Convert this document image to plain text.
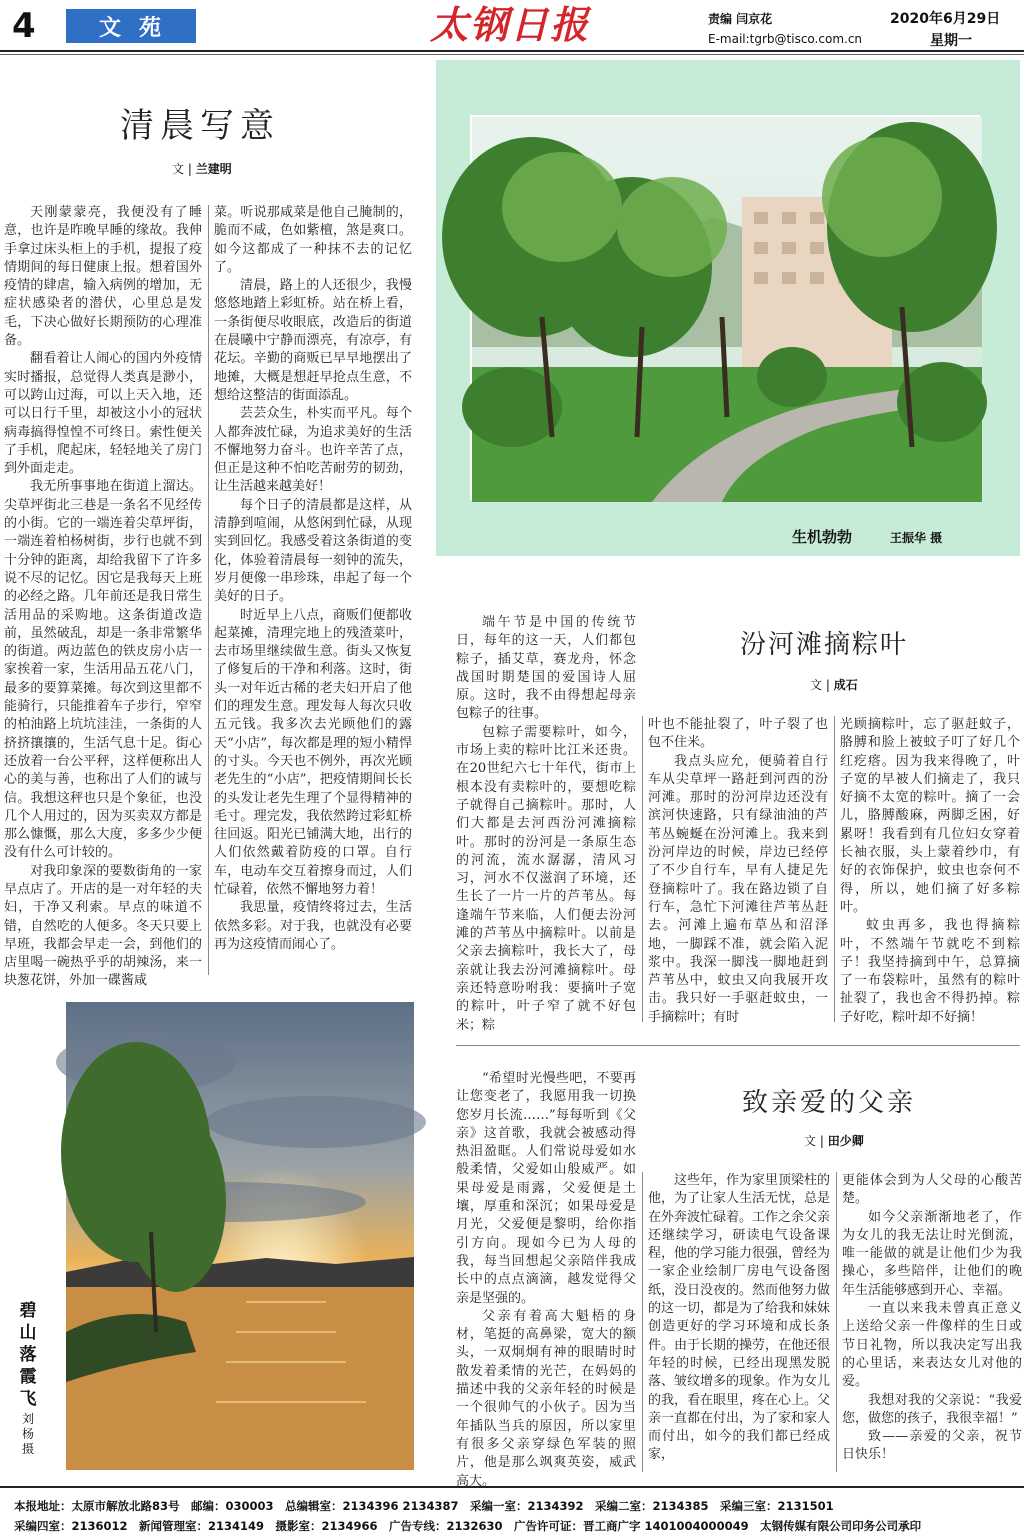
4	文苑	太钢日报	责编 闫京花
E-mail:tgrb@tisco.com.cn
2020年6月29日
星期一
清晨写意
文 | 兰建明

天刚蒙蒙亮，我便没有了睡意，也许是昨晚早睡的缘故。我伸手拿过床头柜上的手机，提报了疫情期间的每日健康上报。想着国外疫情的肆虐，输入病例的增加，无症状感染者的潜伏，心里总是发毛，下决心做好长期预防的心理准备。

翻看着让人闹心的国内外疫情实时播报，总觉得人类真是渺小，可以跨山过海，可以上天入地，还可以日行千里，却被这小小的冠状病毒搞得惶惶不可终日。索性便关了手机，爬起床，轻轻地关了房门到外面走走。

我无所事事地在街道上溜达。尖草坪街北三巷是一条名不见经传的小街。它的一端连着尖草坪街，一端连着柏杨树街，步行也就不到十分钟的距离，却给我留下了许多说不尽的记忆。因它是我每天上班的必经之路。几年前还是我日常生活用品的采购地。这条街道改造前，虽然破乱，却是一条非常繁华的街道。两边蓝色的铁皮房小店一家挨着一家，生活用品五花八门，最多的要算菜摊。每次到这里都不能骑行，只能推着车子步行，窄窄的柏油路上坑坑洼洼，一条街的人挤挤攘攘的，生活气息十足。街心还放着一台公平秤，这样便称出人心的美与善，也称出了人们的诚与信。我想这秤也只是个象征，也没几个人用过的，因为买卖双方都是那么慷慨，那么大度，多多少少便没有什么可计较的。

对我印象深的要数街角的一家早点店了。开店的是一对年轻的夫妇，干净又利索。早点的味道不错，自然吃的人便多。冬天只要上早班，我都会早走一会，到他们的店里喝一碗热乎乎的胡辣汤，来一块葱花饼，外加一碟酱咸

菜。听说那咸菜是他自己腌制的，脆而不咸，色如紫檀，煞是爽口。如今这都成了一种抹不去的记忆了。

清晨，路上的人还很少，我慢悠悠地踏上彩虹桥。站在桥上看，一条街便尽收眼底，改造后的街道在晨曦中宁静而漂亮，有凉亭，有花坛。辛勤的商贩已早早地摆出了地摊，大概是想赶早抢点生意，不想给这整洁的街面添乱。

芸芸众生，朴实而平凡。每个人都奔波忙碌，为追求美好的生活不懈地努力奋斗。也许辛苦了点，但正是这种不怕吃苦耐劳的韧劲，让生活越来越美好！

每个日子的清晨都是这样，从清静到喧闹，从悠闲到忙碌，从现实到回忆。我感受着这条街道的变化，体验着清晨每一刻钟的流失，岁月便像一串珍珠，串起了每一个美好的日子。

时近早上八点，商贩们便都收起菜摊，清理完地上的残渣菜叶，去市场里继续做生意。街头又恢复了修复后的干净和利落。这时，街头一对年近古稀的老夫妇开启了他们的理发生意。理发每人每次只收五元钱。我多次去光顾他们的露天“小店”，每次都是理的短小精悍的寸头。今天也不例外，再次光顾老先生的“小店”，把疫情期间长长的头发让老先生理了个显得精神的毛寸。理完发，我依然跨过彩虹桥往回返。阳光已铺满大地，出行的人们依然戴着防疫的口罩。自行车，电动车交互着擦身而过，人们忙碌着，依然不懈地努力着！

我思量，疫情终将过去，生活依然多彩。对于我，也就没有必要再为这疫情而闹心了。

生机勃勃	王振华 摄
汾河滩摘粽叶
文 | 成石

端午节是中国的传统节日，每年的这一天，人们都包粽子，插艾草，赛龙舟，怀念战国时期楚国的爱国诗人屈原。这时，我不由得想起母亲包粽子的往事。

包粽子需要粽叶，如今，市场上卖的粽叶比江米还贵。在20世纪六七十年代，街市上根本没有卖粽叶的，要想吃粽子就得自己摘粽叶。那时，人们大都是去河西汾河滩摘粽叶。那时的汾河是一条原生态的河流，流水潺潺，清风习习，河水不仅滋润了环境，还生长了一片一片的芦苇丛。每逢端午节来临，人们便去汾河滩的芦苇丛中摘粽叶。以前是父亲去摘粽叶，我长大了，母亲就让我去汾河滩摘粽叶。母亲还特意吩咐我：要摘叶子宽的粽叶，叶子窄了就不好包米；粽

叶也不能扯裂了，叶子裂了也包不住米。

我点头应允，便骑着自行车从尖草坪一路赶到河西的汾河滩。那时的汾河岸边还没有滨河快速路，只有绿油油的芦苇丛蜿蜒在汾河滩上。我来到汾河岸边的时候，岸边已经停了不少自行车，早有人捷足先登摘粽叶了。我在路边锁了自行车，急忙下河滩往芦苇丛赶去。河滩上遍布草丛和沼泽地，一脚踩不准，就会陷入泥浆中。我深一脚浅一脚地赶到芦苇丛中，蚊虫又向我展开攻击。我只好一手驱赶蚊虫，一手摘粽叶；有时

光顾摘粽叶，忘了驱赶蚊子，胳膊和脸上被蚊子叮了好几个红疙瘩。因为我来得晚了，叶子宽的早被人们摘走了，我只好摘不太宽的粽叶。摘了一会儿，胳膊酸麻，两脚乏困，好累呀！我看到有几位妇女穿着长袖衣服，头上蒙着纱巾，有好的衣饰保护，蚊虫也奈何不得，所以，她们摘了好多粽叶。

蚊虫再多，我也得摘粽叶，不然端午节就吃不到粽子！我坚持摘到中午，总算摘了一布袋粽叶，虽然有的粽叶扯裂了，我也舍不得扔掉。粽子好吃，粽叶却不好摘！

致亲爱的父亲
文 | 田少卿

“希望时光慢些吧，不要再让您变老了，我愿用我一切换您岁月长流……”每每听到《父亲》这首歌，我就会被感动得热泪盈眶。人们常说母爱如水般柔情，父爱如山般威严。如果母爱是雨露，父爱便是土壤，厚重和深沉；如果母爱是月光，父爱便是黎明，给你指引方向。现如今已为人母的我，每当回想起父亲陪伴我成长中的点点滴滴，越发觉得父亲是坚强的。

父亲有着高大魁梧的身材，笔挺的高鼻梁，宽大的额头，一双炯炯有神的眼睛时时散发着柔情的光芒，在妈妈的描述中我的父亲年轻的时候是一个很帅气的小伙子。因为当年插队当兵的原因，所以家里有很多父亲穿绿色军装的照片，他是那么飒爽英姿，威武高大。

这些年，作为家里顶梁柱的他，为了让家人生活无忧，总是在外奔波忙碌着。工作之余父亲还继续学习，研读电气设备课程，他的学习能力很强，曾经为一家企业绘制厂房电气设备图纸，没日没夜的。然而他努力做的这一切，都是为了给我和妹妹创造更好的学习环境和成长条件。由于长期的操劳，在他还很年轻的时候，已经出现黑发脱落、皱纹增多的现象。作为女儿的我，看在眼里，疼在心上。父亲一直都在付出，为了家和家人而付出，如今的我们都已经成家，

更能体会到为人父母的心酸苦楚。

如今父亲渐渐地老了，作为女儿的我无法让时光倒流，唯一能做的就是让他们少为我操心，多些陪伴，让他们的晚年生活能够感到开心、幸福。

一直以来我未曾真正意义上送给父亲一件像样的生日或节日礼物，所以我决定写出我的心里话，来表达女儿对他的爱。

我想对我的父亲说：“我爱您，做您的孩子，我很幸福！”

致——亲爱的父亲，祝节日快乐！

碧山落霞飞
刘杨摄
本报地址：太原市解放北路83号　邮编：030003　总编辑室：2134396 2134387　采编一室：2134392　采编二室：2134385　采编三室：2131501
采编四室：2136012　新闻管理室：2134149　摄影室：2134966　广告专线：2132630　广告许可证：晋工商广字 1401004000049　太钢传媒有限公司印务公司承印
